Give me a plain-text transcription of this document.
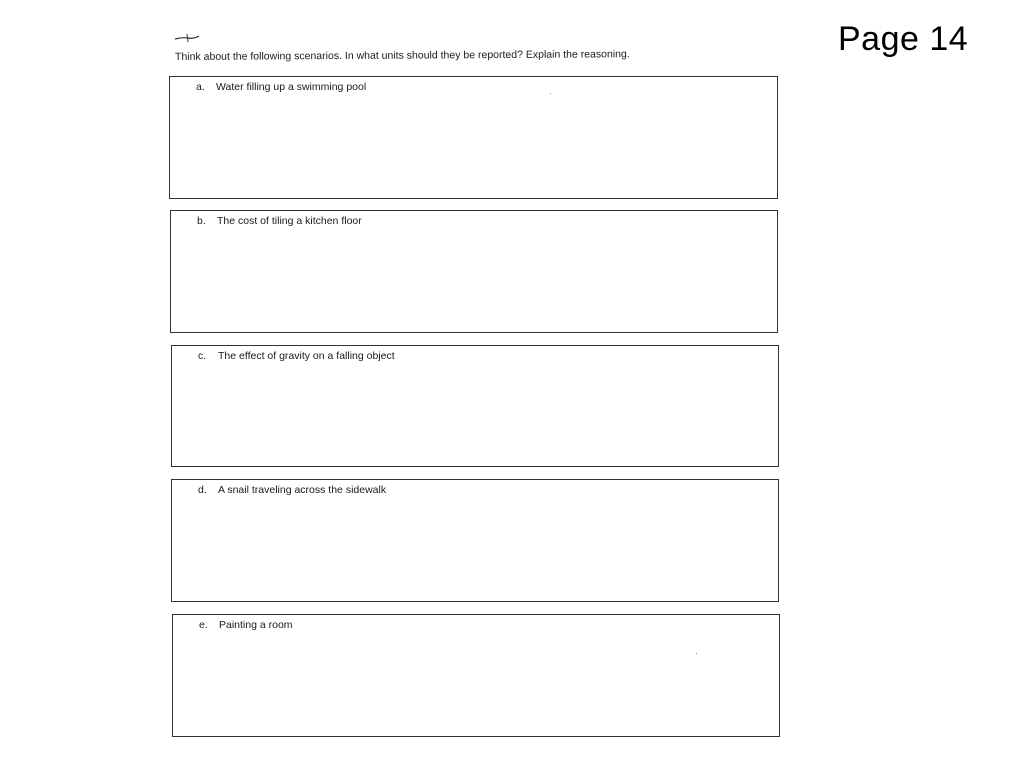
Page 14
Think about the following scenarios. In what units should they be reported? Explain the reasoning.
a. Water filling up a swimming pool
b. The cost of tiling a kitchen floor
c. The effect of gravity on a falling object
d. A snail traveling across the sidewalk
e. Painting a room
